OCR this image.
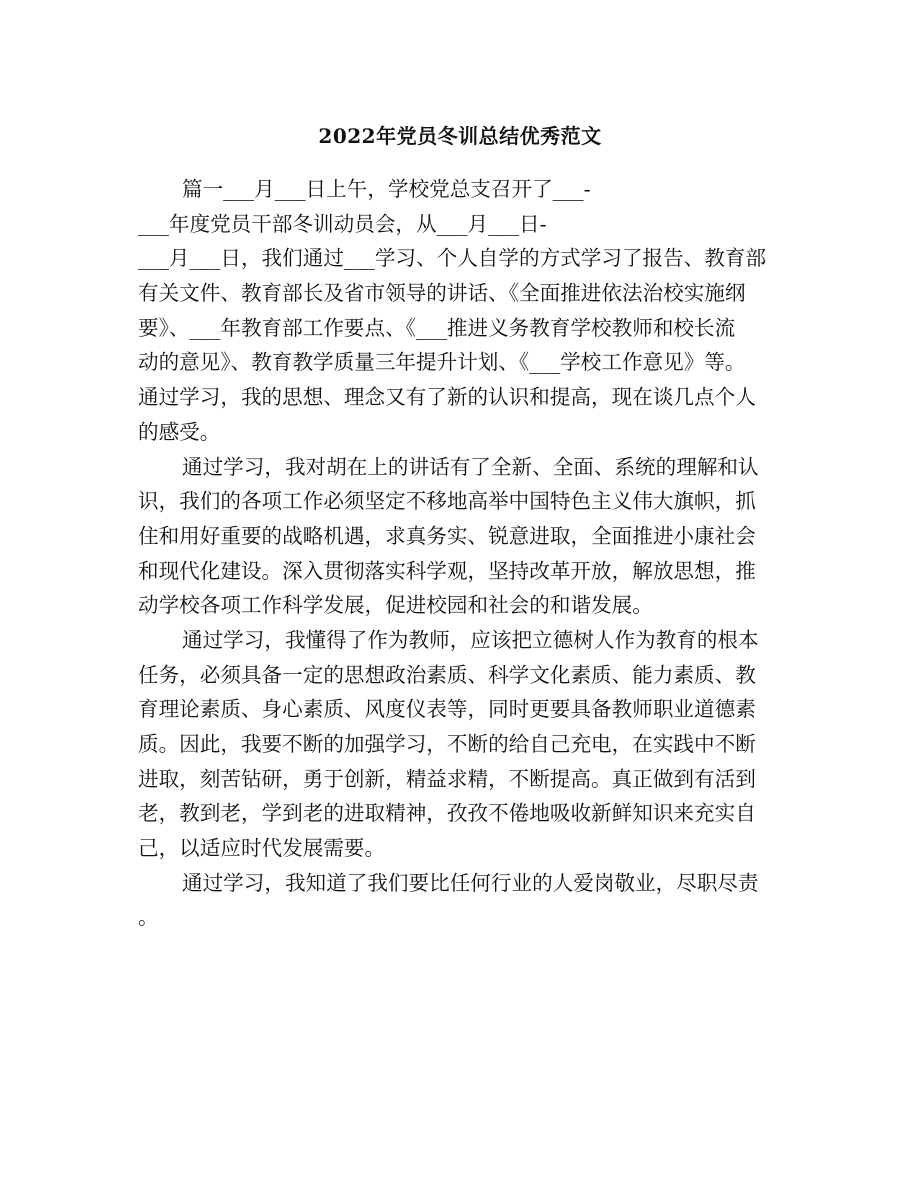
2022年党员冬训总结优秀范文
篇一___月___日上午，学校党总支召开了___-
___年度党员干部冬训动员会，从___月___日-
___月___日，我们通过___学习、个人自学的方式学习了报告、教育部
有关文件、教育部长及省市领导的讲话、《全面推进依法治校实施纲
要》、___年教育部工作要点、《___推进义务教育学校教师和校长流
动的意见》、教育教学质量三年提升计划、《___学校工作意见》等。
通过学习，我的思想、理念又有了新的认识和提高，现在谈几点个人
的感受。
通过学习，我对胡在上的讲话有了全新、全面、系统的理解和认
识，我们的各项工作必须坚定不移地高举中国特色主义伟大旗帜，抓
住和用好重要的战略机遇，求真务实、锐意进取，全面推进小康社会
和现代化建设。深入贯彻落实科学观，坚持改革开放，解放思想，推
动学校各项工作科学发展，促进校园和社会的和谐发展。
通过学习，我懂得了作为教师，应该把立德树人作为教育的根本
任务，必须具备一定的思想政治素质、科学文化素质、能力素质、教
育理论素质、身心素质、风度仪表等，同时更要具备教师职业道德素
质。因此，我要不断的加强学习，不断的给自己充电，在实践中不断
进取，刻苦钻研，勇于创新，精益求精，不断提高。真正做到有活到
老，教到老，学到老的进取精神，孜孜不倦地吸收新鲜知识来充实自
己，以适应时代发展需要。
通过学习，我知道了我们要比任何行业的人爱岗敬业，尽职尽责
。
